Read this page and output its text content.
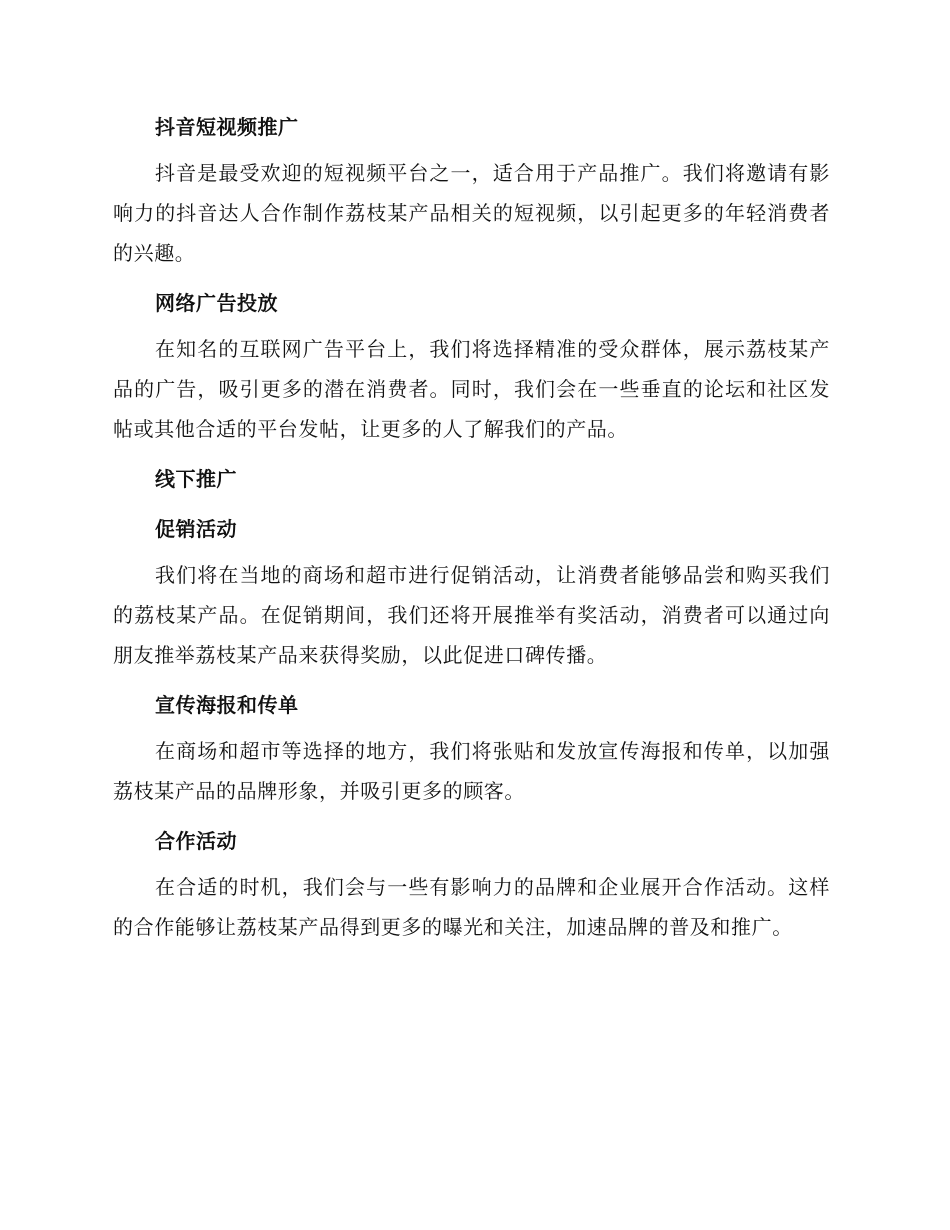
抖音短视频推广

抖音是最受欢迎的短视频平台之一，适合用于产品推广。我们将邀请有影响力的抖音达人合作制作荔枝某产品相关的短视频，以引起更多的年轻消费者的兴趣。

网络广告投放

在知名的互联网广告平台上，我们将选择精准的受众群体，展示荔枝某产品的广告，吸引更多的潜在消费者。同时，我们会在一些垂直的论坛和社区发帖或其他合适的平台发帖，让更多的人了解我们的产品。

线下推广
促销活动

我们将在当地的商场和超市进行促销活动，让消费者能够品尝和购买我们的荔枝某产品。在促销期间，我们还将开展推举有奖活动，消费者可以通过向朋友推举荔枝某产品来获得奖励，以此促进口碑传播。

宣传海报和传单

在商场和超市等选择的地方，我们将张贴和发放宣传海报和传单，以加强荔枝某产品的品牌形象，并吸引更多的顾客。

合作活动

在合适的时机，我们会与一些有影响力的品牌和企业展开合作活动。这样的合作能够让荔枝某产品得到更多的曝光和关注，加速品牌的普及和推广。
